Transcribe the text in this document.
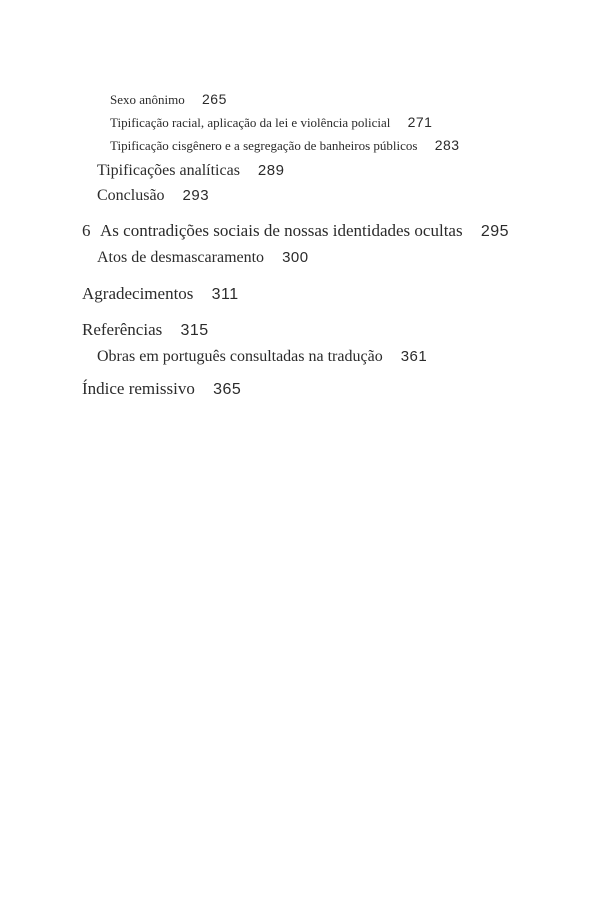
Sexo anônimo 265
Tipificação racial, aplicação da lei e violência policial 271
Tipificação cisgênero e a segregação de banheiros públicos 283
Tipificações analíticas 289
Conclusão 293
6 As contradições sociais de nossas identidades ocultas 295
Atos de desmascaramento 300
Agradecimentos 311
Referências 315
Obras em português consultadas na tradução 361
Índice remissivo 365
